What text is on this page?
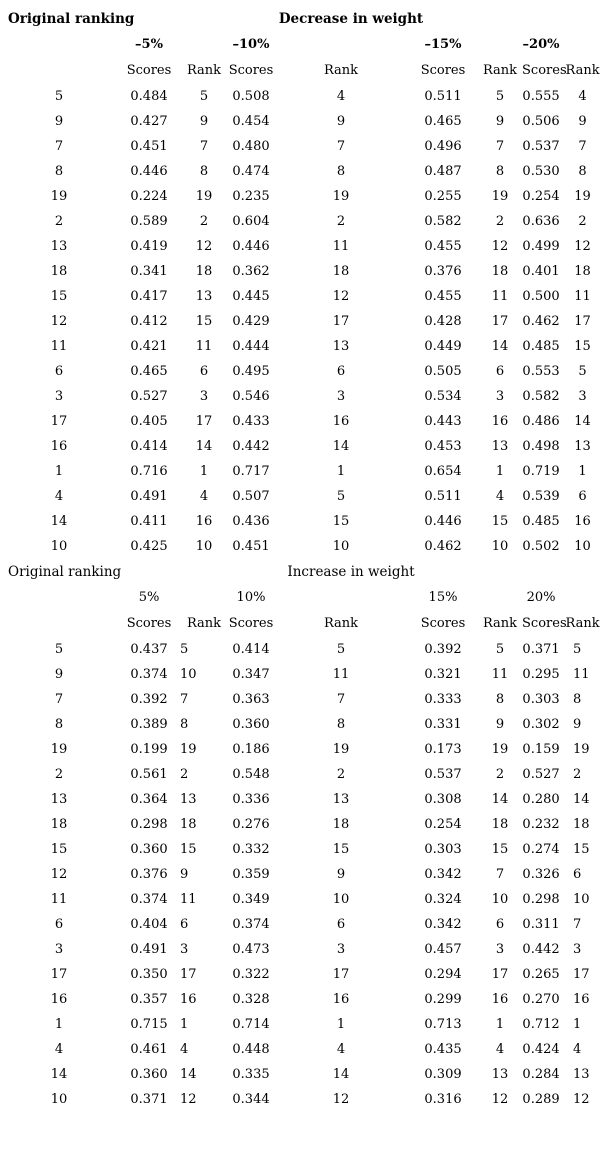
Original ranking		Decrease in weight						
	–5%		–10%		–15%		–20%	
	Scores	Rank	Scores	Rank	Scores	Rank	Scores	Rank
5	0.484	5	0.508	4	0.511	5	0.555	4
9	0.427	9	0.454	9	0.465	9	0.506	9
7	0.451	7	0.480	7	0.496	7	0.537	7
8	0.446	8	0.474	8	0.487	8	0.530	8
19	0.224	19	0.235	19	0.255	19	0.254	19
2	0.589	2	0.604	2	0.582	2	0.636	2
13	0.419	12	0.446	11	0.455	12	0.499	12
18	0.341	18	0.362	18	0.376	18	0.401	18
15	0.417	13	0.445	12	0.455	11	0.500	11
12	0.412	15	0.429	17	0.428	17	0.462	17
11	0.421	11	0.444	13	0.449	14	0.485	15
6	0.465	6	0.495	6	0.505	6	0.553	5
3	0.527	3	0.546	3	0.534	3	0.582	3
17	0.405	17	0.433	16	0.443	16	0.486	14
16	0.414	14	0.442	14	0.453	13	0.498	13
1	0.716	1	0.717	1	0.654	1	0.719	1
4	0.491	4	0.507	5	0.511	4	0.539	6
14	0.411	16	0.436	15	0.446	15	0.485	16
10	0.425	10	0.451	10	0.462	10	0.502	10
Original ranking		Increase in weight						
	5%		10%		15%		20%	
	Scores	Rank	Scores	Rank	Scores	Rank	Scores	Rank
5	0.437	5	0.414	5	0.392	5	0.371	5
9	0.374	10	0.347	11	0.321	11	0.295	11
7	0.392	7	0.363	7	0.333	8	0.303	8
8	0.389	8	0.360	8	0.331	9	0.302	9
19	0.199	19	0.186	19	0.173	19	0.159	19
2	0.561	2	0.548	2	0.537	2	0.527	2
13	0.364	13	0.336	13	0.308	14	0.280	14
18	0.298	18	0.276	18	0.254	18	0.232	18
15	0.360	15	0.332	15	0.303	15	0.274	15
12	0.376	9	0.359	9	0.342	7	0.326	6
11	0.374	11	0.349	10	0.324	10	0.298	10
6	0.404	6	0.374	6	0.342	6	0.311	7
3	0.491	3	0.473	3	0.457	3	0.442	3
17	0.350	17	0.322	17	0.294	17	0.265	17
16	0.357	16	0.328	16	0.299	16	0.270	16
1	0.715	1	0.714	1	0.713	1	0.712	1
4	0.461	4	0.448	4	0.435	4	0.424	4
14	0.360	14	0.335	14	0.309	13	0.284	13
10	0.371	12	0.344	12	0.316	12	0.289	12
